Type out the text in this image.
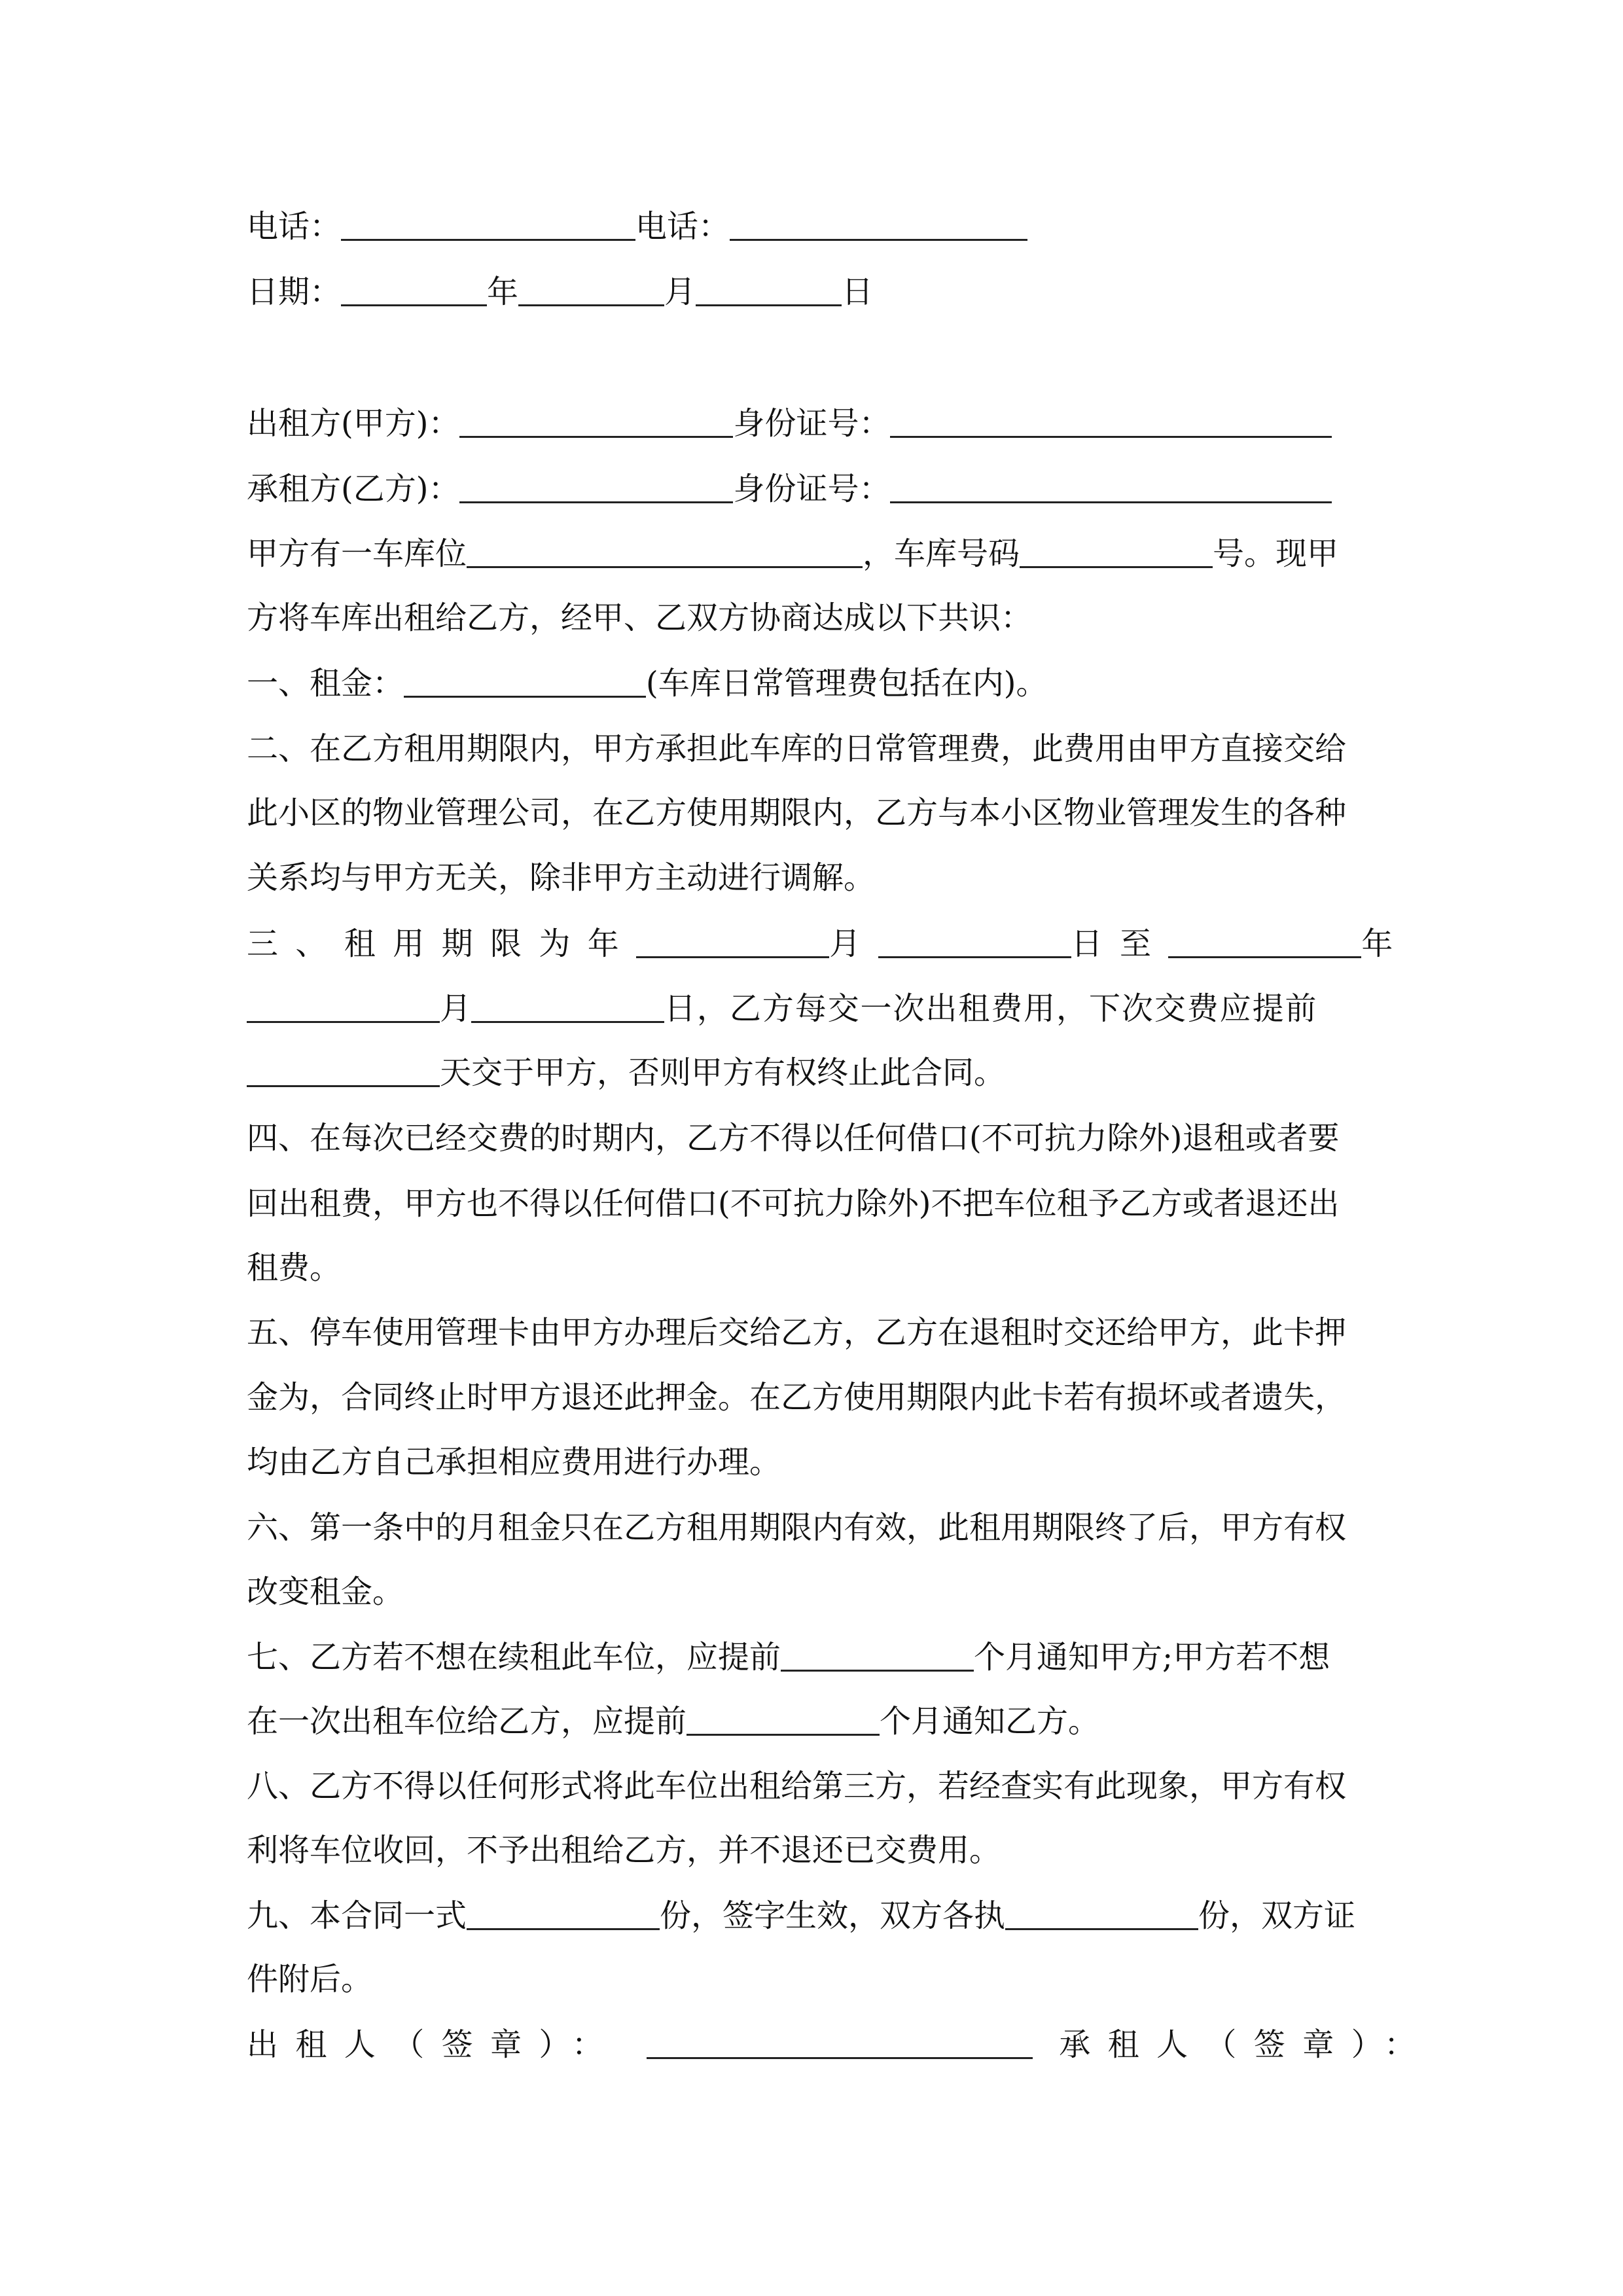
电话：	电话：
日期：	年	月	日
出租方(甲方)：	身份证号：
承租方(乙方)：	身份证号：
甲方有一车库位	，车库号码	号。现甲
方将车库出租给乙方，经甲、乙双方协商达成以下共识：
一、租金：	(车库日常管理费包括在内)。
二、在乙方租用期限内，甲方承担此车库的日常管理费，此费用由甲方直接交给
此小区的物业管理公司，在乙方使用期限内，乙方与本小区物业管理发生的各种
关系均与甲方无关，除非甲方主动进行调解。
三、租用期限为年	月	日至	年
月	日，乙方每交一次出租费用，下次交费应提前
天交于甲方，否则甲方有权终止此合同。
四、在每次已经交费的时期内，乙方不得以任何借口(不可抗力除外)退租或者要
回出租费，甲方也不得以任何借口(不可抗力除外)不把车位租予乙方或者退还出
租费。
五、停车使用管理卡由甲方办理后交给乙方，乙方在退租时交还给甲方，此卡押
金为，合同终止时甲方退还此押金。在乙方使用期限内此卡若有损坏或者遗失，
均由乙方自己承担相应费用进行办理。
六、第一条中的月租金只在乙方租用期限内有效，此租用期限终了后，甲方有权
改变租金。
七、乙方若不想在续租此车位，应提前	个月通知甲方;甲方若不想
在一次出租车位给乙方，应提前	个月通知乙方。
八、乙方不得以任何形式将此车位出租给第三方，若经查实有此现象，甲方有权
利将车位收回，不予出租给乙方，并不退还已交费用。
九、本合同一式	份，签字生效，双方各执	份，双方证
件附后。
出租人（签章）：	承租人（签章）：
